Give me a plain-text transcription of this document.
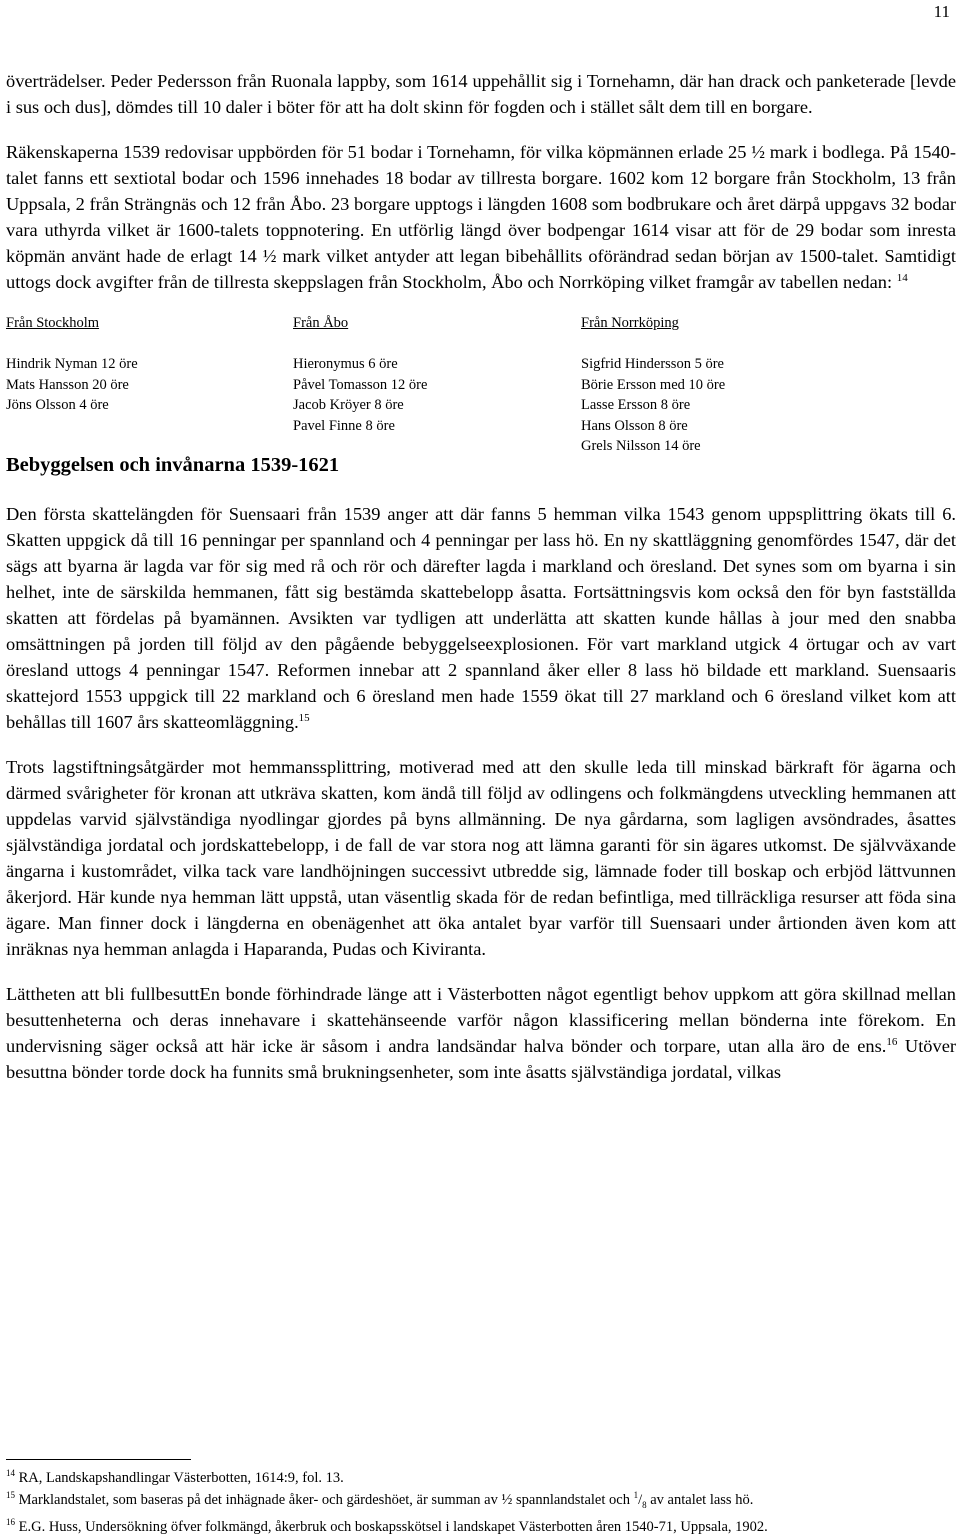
11

överträdelser. Peder Pedersson från Ruonala lappby, som 1614 uppehållit sig i Tornehamn, där han drack och panketerade [levde i sus och dus], dömdes till 10 daler i böter för att ha dolt skinn för fogden och i stället sålt dem till en borgare.

Räkenskaperna 1539 redovisar uppbörden för 51 bodar i Tornehamn, för vilka köpmännen erlade 25 ½ mark i bodlega. På 1540-talet fanns ett sextiotal bodar och 1596 innehades 18 bodar av tillresta borgare. 1602 kom 12 borgare från Stockholm, 13 från Uppsala, 2 från Strängnäs och 12 från Åbo. 23 borgare upptogs i längden 1608 som bodbrukare och året därpå uppgavs 32 bodar vara uthyrda vilket är 1600-talets toppnotering. En utförlig längd över bodpengar 1614 visar att för de 29 bodar som inresta köpmän använt hade de erlagt 14 ½ mark vilket antyder att legan bibehållits oförändrad sedan början av 1500-talet. Samtidigt uttogs dock avgifter från de tillresta skeppslagen från Stockholm, Åbo och Norrköping vilket framgår av tabellen nedan: $^{14}$

Från Stockholm
Hindrik Nyman 12 öre
Mats Hansson 20 öre
Jöns Olsson 4 öre
Från Åbo
Hieronymus 6 öre
Påvel Tomasson 12 öre
Jacob Kröyer 8 öre
Pavel Finne 8 öre
Från Norrköping
Sigfrid Hindersson 5 öre
Börie Ersson med 10 öre
Lasse Ersson 8 öre
Hans Olsson 8 öre
Grels Nilsson 14 öre
Bebyggelsen och invånarna 1539-1621

Den första skattelängden för Suensaari från 1539 anger att där fanns 5 hemman vilka 1543 genom uppsplittring ökats till 6. Skatten uppgick då till 16 penningar per spannland och 4 penningar per lass hö. En ny skattläggning genomfördes 1547, där det sägs att byarna är lagda var för sig med rå och rör och därefter lagda i markland och öresland. Det synes som om byarna i sin helhet, inte de särskilda hemmanen, fått sig bestämda skattebelopp åsatta. Fortsättningsvis kom också den för byn fastställda skatten att fördelas på byamännen. Avsikten var tydligen att underlätta att skatten kunde hållas à jour med den snabba omsättningen på jorden till följd av den pågående bebyggelseexplosionen. För vart markland utgick 4 örtugar och av vart öresland uttogs 4 penningar 1547. Reformen innebar att 2 spannland åker eller 8 lass hö bildade ett markland. Suensaaris skattejord 1553 uppgick till 22 markland och 6 öresland men hade 1559 ökat till 27 markland och 6 öresland vilket kom att behållas till 1607 års skatteomläggning.$^{15}$

Trots lagstiftningsåtgärder mot hemmanssplittring, motiverad med att den skulle leda till minskad bärkraft för ägarna och därmed svårigheter för kronan att utkräva skatten, kom ändå till följd av odlingens och folkmängdens utveckling hemmanen att uppdelas varvid självständiga nyodlingar gjordes på byns allmänning. De nya gårdarna, som lagligen avsöndrades, åsattes självständiga jordatal och jordskattebelopp, i de fall de var stora nog att lämna garanti för sin ägares utkomst. De självväxande ängarna i kustområdet, vilka tack vare landhöjningen successivt utbredde sig, lämnade foder till boskap och erbjöd lättvunnen åkerjord. Här kunde nya hemman lätt uppstå, utan väsentlig skada för de redan befintliga, med tillräckliga resurser att föda sina ägare. Man finner dock i längderna en obenägenhet att öka antalet byar varför till Suensaari under årtionden även kom att inräknas nya hemman anlagda i Haparanda, Pudas och Kiviranta.

Lättheten att bli fullbesuttEn bonde förhindrade länge att i Västerbotten något egentligt behov uppkom att göra skillnad mellan besuttenheterna och deras innehavare i skattehänseende varför någon klassificering mellan bönderna inte förekom. En undervisning säger också att här icke är såsom i andra landsändar halva bönder och torpare, utan alla äro de ens.$^{16}$ Utöver besuttna bönder torde dock ha funnits små brukningsenheter, som inte åsatts självständiga jordatal, vilkas

$^{14}$ RA, Landskapshandlingar Västerbotten, 1614:9, fol. 13.
$^{15}$ Marklandstalet, som baseras på det inhägnade åker- och gärdeshöet, är summan av ½ spannlandstalet och $^1/_8$ av antalet lass hö.
$^{16}$ E.G. Huss, Undersökning öfver folkmängd, åkerbruk och boskapsskötsel i landskapet Västerbotten åren 1540-71, Uppsala, 1902.
